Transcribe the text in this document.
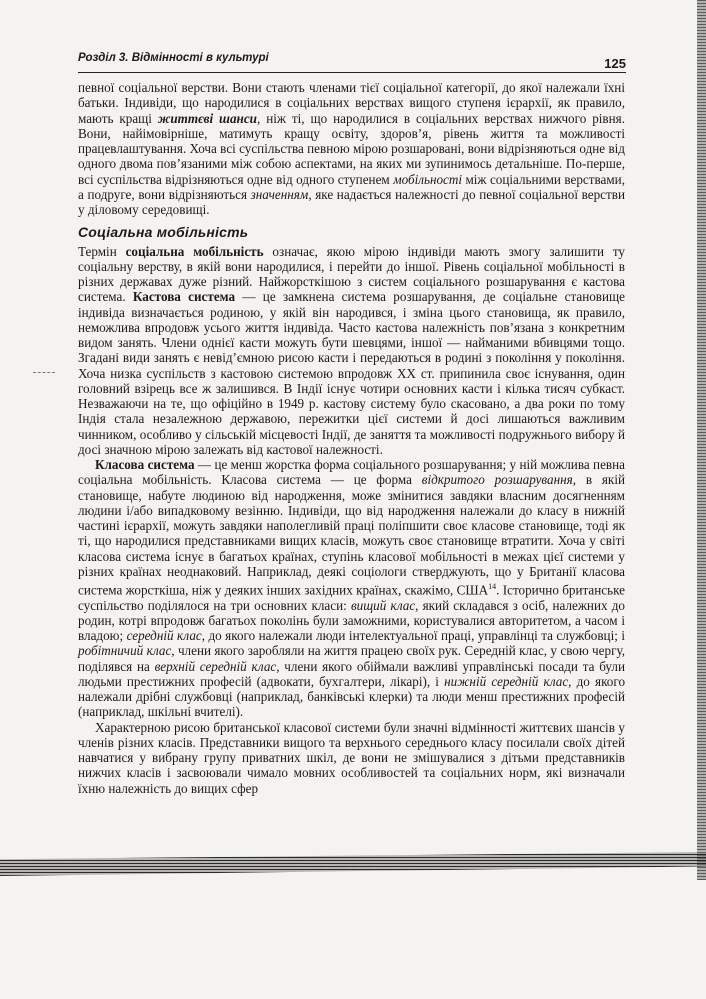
Розділ 3. Відмінності в культурі	125

певної соціальної верстви. Вони стають членами тієї соціальної категорії, до якої належали їхні батьки. Індивіди, що народилися в соціальних верствах вищого ступеня ієрархії, як правило, мають кращі життєві шанси, ніж ті, що народилися в соціальних верствах нижчого рівня. Вони, найімовірніше, матимуть кращу освіту, здоров’я, рівень життя та можливості працевлаштування. Хоча всі суспільства певною мірою розшаровані, вони відрізняються одне від одного двома пов’язаними між собою аспектами, на яких ми зупинимось детальніше. По-перше, всі суспільства відрізняються одне від одного ступенем мобільності між соціальними верствами, а подруге, вони відрізняються значенням, яке надається належності до певної соціальної верстви у діловому середовищі.

Соціальна мобільність

Термін соціальна мобільність означає, якою мірою індивіди мають змогу залишити ту соціальну верству, в якій вони народилися, і перейти до іншої. Рівень соціальної мобільності в різних державах дуже різний. Найжорсткішою з систем соціального розшарування є кастова система. Кастова система — це замкнена система розшарування, де соціальне становище індивіда визначається родиною, у якій він народився, і зміна цього становища, як правило, неможлива впродовж усього життя індивіда. Часто кастова належність пов’язана з конкретним видом занять. Члени однієї касти можуть бути шевцями, іншої — найманими вбивцями тощо. Згадані види занять є невід’ємною рисою касти і передаються в родині з покоління у покоління. Хоча низка суспільств з кастовою системою впродовж XX ст. припинила своє існування, один головний взірець все ж залишився. В Індії існує чотири основних касти і кілька тисяч субкаст. Незважаючи на те, що офіційно в 1949 р. кастову систему було скасовано, а два роки по тому Індія стала незалежною державою, пережитки цієї системи й досі лишаються важливим чинником, особливо у сільській місцевості Індії, де заняття та можливості подружнього вибору й досі значною мірою залежать від кастової належності.

Класова система — це менш жорстка форма соціального розшарування; у ній можлива певна соціальна мобільність. Класова система — це форма відкритого розшарування, в якій становище, набуте людиною від народження, може змінитися завдяки власним досягненням людини і/або випадковому везінню. Індивіди, що від народження належали до класу в нижній частині ієрархії, можуть завдяки наполегливій праці поліпшити своє класове становище, тоді як ті, що народилися представниками вищих класів, можуть своє становище втратити. Хоча у світі класова система існує в багатьох країнах, ступінь класової мобільності в межах цієї системи у різних країнах неоднаковий. Наприклад, деякі соціологи стверджують, що у Британії класова система жорсткіша, ніж у деяких інших західних країнах, скажімо, США$^{14}$. Історично британське суспільство поділялося на три основних класи: вищий клас, який складався з осіб, належних до родин, котрі впродовж багатьох поколінь були заможними, користувалися авторитетом, а часом і владою; середній клас, до якого належали люди інтелектуальної праці, управлінці та службовці; і робітничий клас, члени якого заробляли на життя працею своїх рук. Середній клас, у свою чергу, поділявся на верхній середній клас, члени якого обіймали важливі управлінські посади та були людьми престижних професій (адвокати, бухгалтери, лікарі), і нижній середній клас, до якого належали дрібні службовці (наприклад, банківські клерки) та люди менш престижних професій (наприклад, шкільні вчителі).

Характерною рисою британської класової системи були значні відмінності життєвих шансів у членів різних класів. Представники вищого та верхнього середнього класу посилали своїх дітей навчатися у вибрану групу приватних шкіл, де вони не змішувалися з дітьми представників нижчих класів і засвоювали чимало мовних особливостей та соціальних норм, які визначали їхню належність до вищих сфер
